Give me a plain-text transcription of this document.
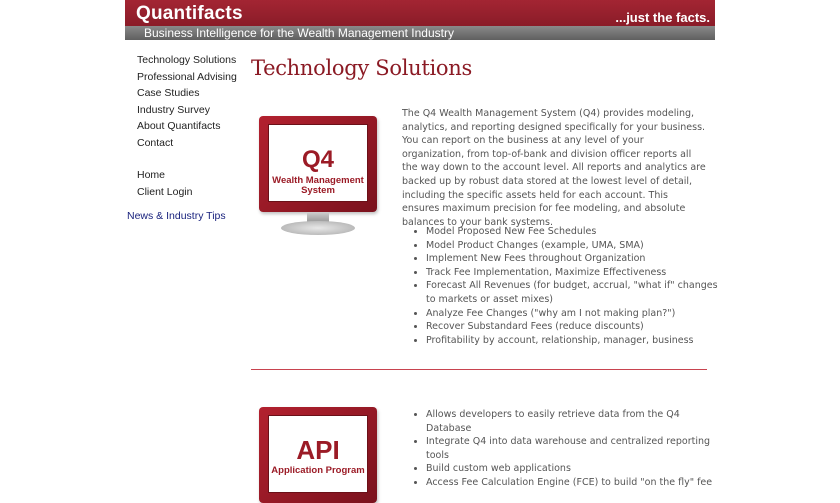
Quantifacts
Business Intelligence for the Wealth Management Industry
...just the facts.
Technology Solutions
Professional Advising
Case Studies
Industry Survey
About Quantifacts
Contact
Home
Client Login
News & Industry Tips
Technology Solutions
Q4
Wealth Management
System

The Q4 Wealth Management System (Q4) provides modeling, analytics, and reporting designed specifically for your business. You can report on the business at any level of your organization, from top-of-bank and division officer reports all the way down to the account level. All reports and analytics are backed up by robust data stored at the lowest level of detail, including the specific assets held for each account. This ensures maximum precision for fee modeling, and absolute balances to your bank systems.

• Model Proposed New Fee Schedules
• Model Product Changes (example, UMA, SMA)
• Implement New Fees throughout Organization
• Track Fee Implementation, Maximize Effectiveness
• Forecast All Revenues (for budget, accrual, "what if" changes to markets or asset mixes)
• Analyze Fee Changes ("why am I not making plan?")
• Recover Substandard Fees (reduce discounts)
• Profitability by account, relationship, manager, business
API
Application Program
• Allows developers to easily retrieve data from the Q4 Database
• Integrate Q4 into data warehouse and centralized reporting tools
• Build custom web applications
• Access Fee Calculation Engine (FCE) to build "on the fly" fee
